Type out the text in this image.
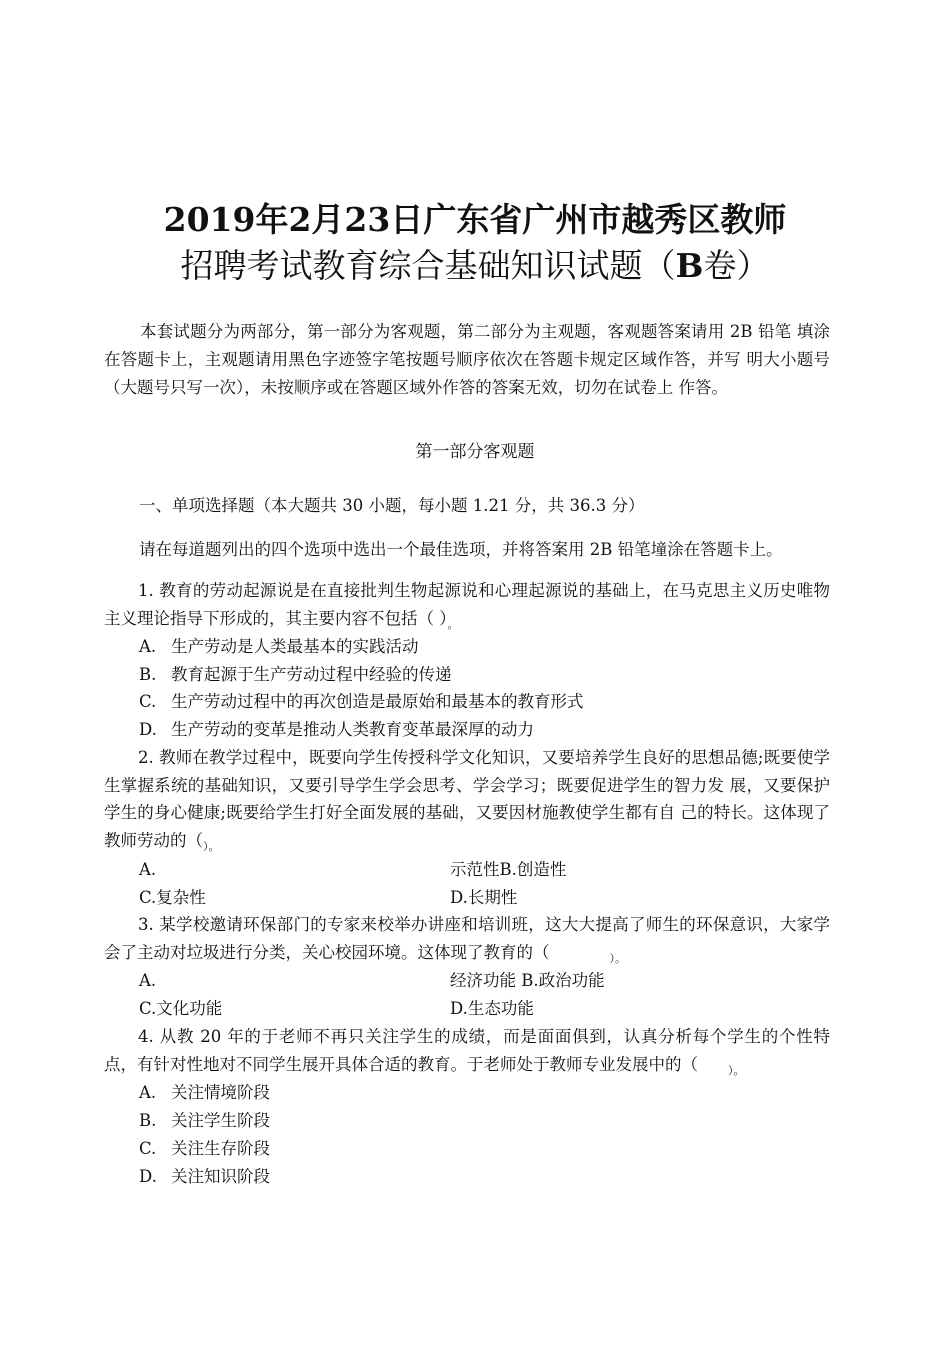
2019年2月23日广东省广州市越秀区教师
招聘考试教育综合基础知识试题（B卷）

本套试题分为两部分，第一部分为客观题，第二部分为主观题，客观题答案请用 2B 铅笔 填涂在答题卡上，主观题请用黑色字迹签字笔按题号顺序依次在答题卡规定区域作答，并写 明大小题号（大题号只写一次），未按顺序或在答题区域外作答的答案无效，切勿在试卷上 作答。

第一部分客观题
一、单项选择题（本大题共 30 小题，每小题 1.21 分，共 36.3 分）
请在每道题列出的四个选项中选出一个最佳选项，并将答案用 2B 铅笔墥涂在答题卡上。

1. 教育的劳动起源说是在直接批判生物起源说和心理起源说的基础上，在马克思主义历史唯物主义理论指导下形成的，其主要内容不包括（ ）$_。$

A. 生产劳动是人类最基本的实践活动
B. 教育起源于生产劳动过程中经验的传递
C. 生产劳动过程中的再次创造是最原始和最基本的教育形式
D. 生产劳动的变革是推动人类教育变革最深厚的动力

2. 教师在教学过程中，既要向学生传授科学文化知识，又要培养学生良好的思想品德;既要使学生掌握系统的基础知识，又要引导学生学会思考、学会学习；既要促进学生的智力发 展，又要保护学生的身心健康;既要给学生打好全面发展的基础，又要因材施教使学生都有自 己的特长。这体现了教师劳动的（$_{)。}$

A.	示范性B.创造性
C.复杂性	D.长期性

3. 某学校邀请环保部门的专家来校举办讲座和培训班，这大大提高了师生的环保意识，大家学会了主动对垃圾进行分类，关心校园环境。这体现了教育的（	$_{)。}$

A.	经济功能 B.政治功能
C.文化功能	D.生态功能

4. 从教 20 年的于老师不再只关注学生的成绩，而是面面俱到，认真分析每个学生的个性特点，有针对性地对不同学生展开具体合适的教育。于老师处于教师专业发展中的（	$_{)。}$

A. 关注情境阶段
B. 关注学生阶段
C. 关注生存阶段
D. 关注知识阶段
